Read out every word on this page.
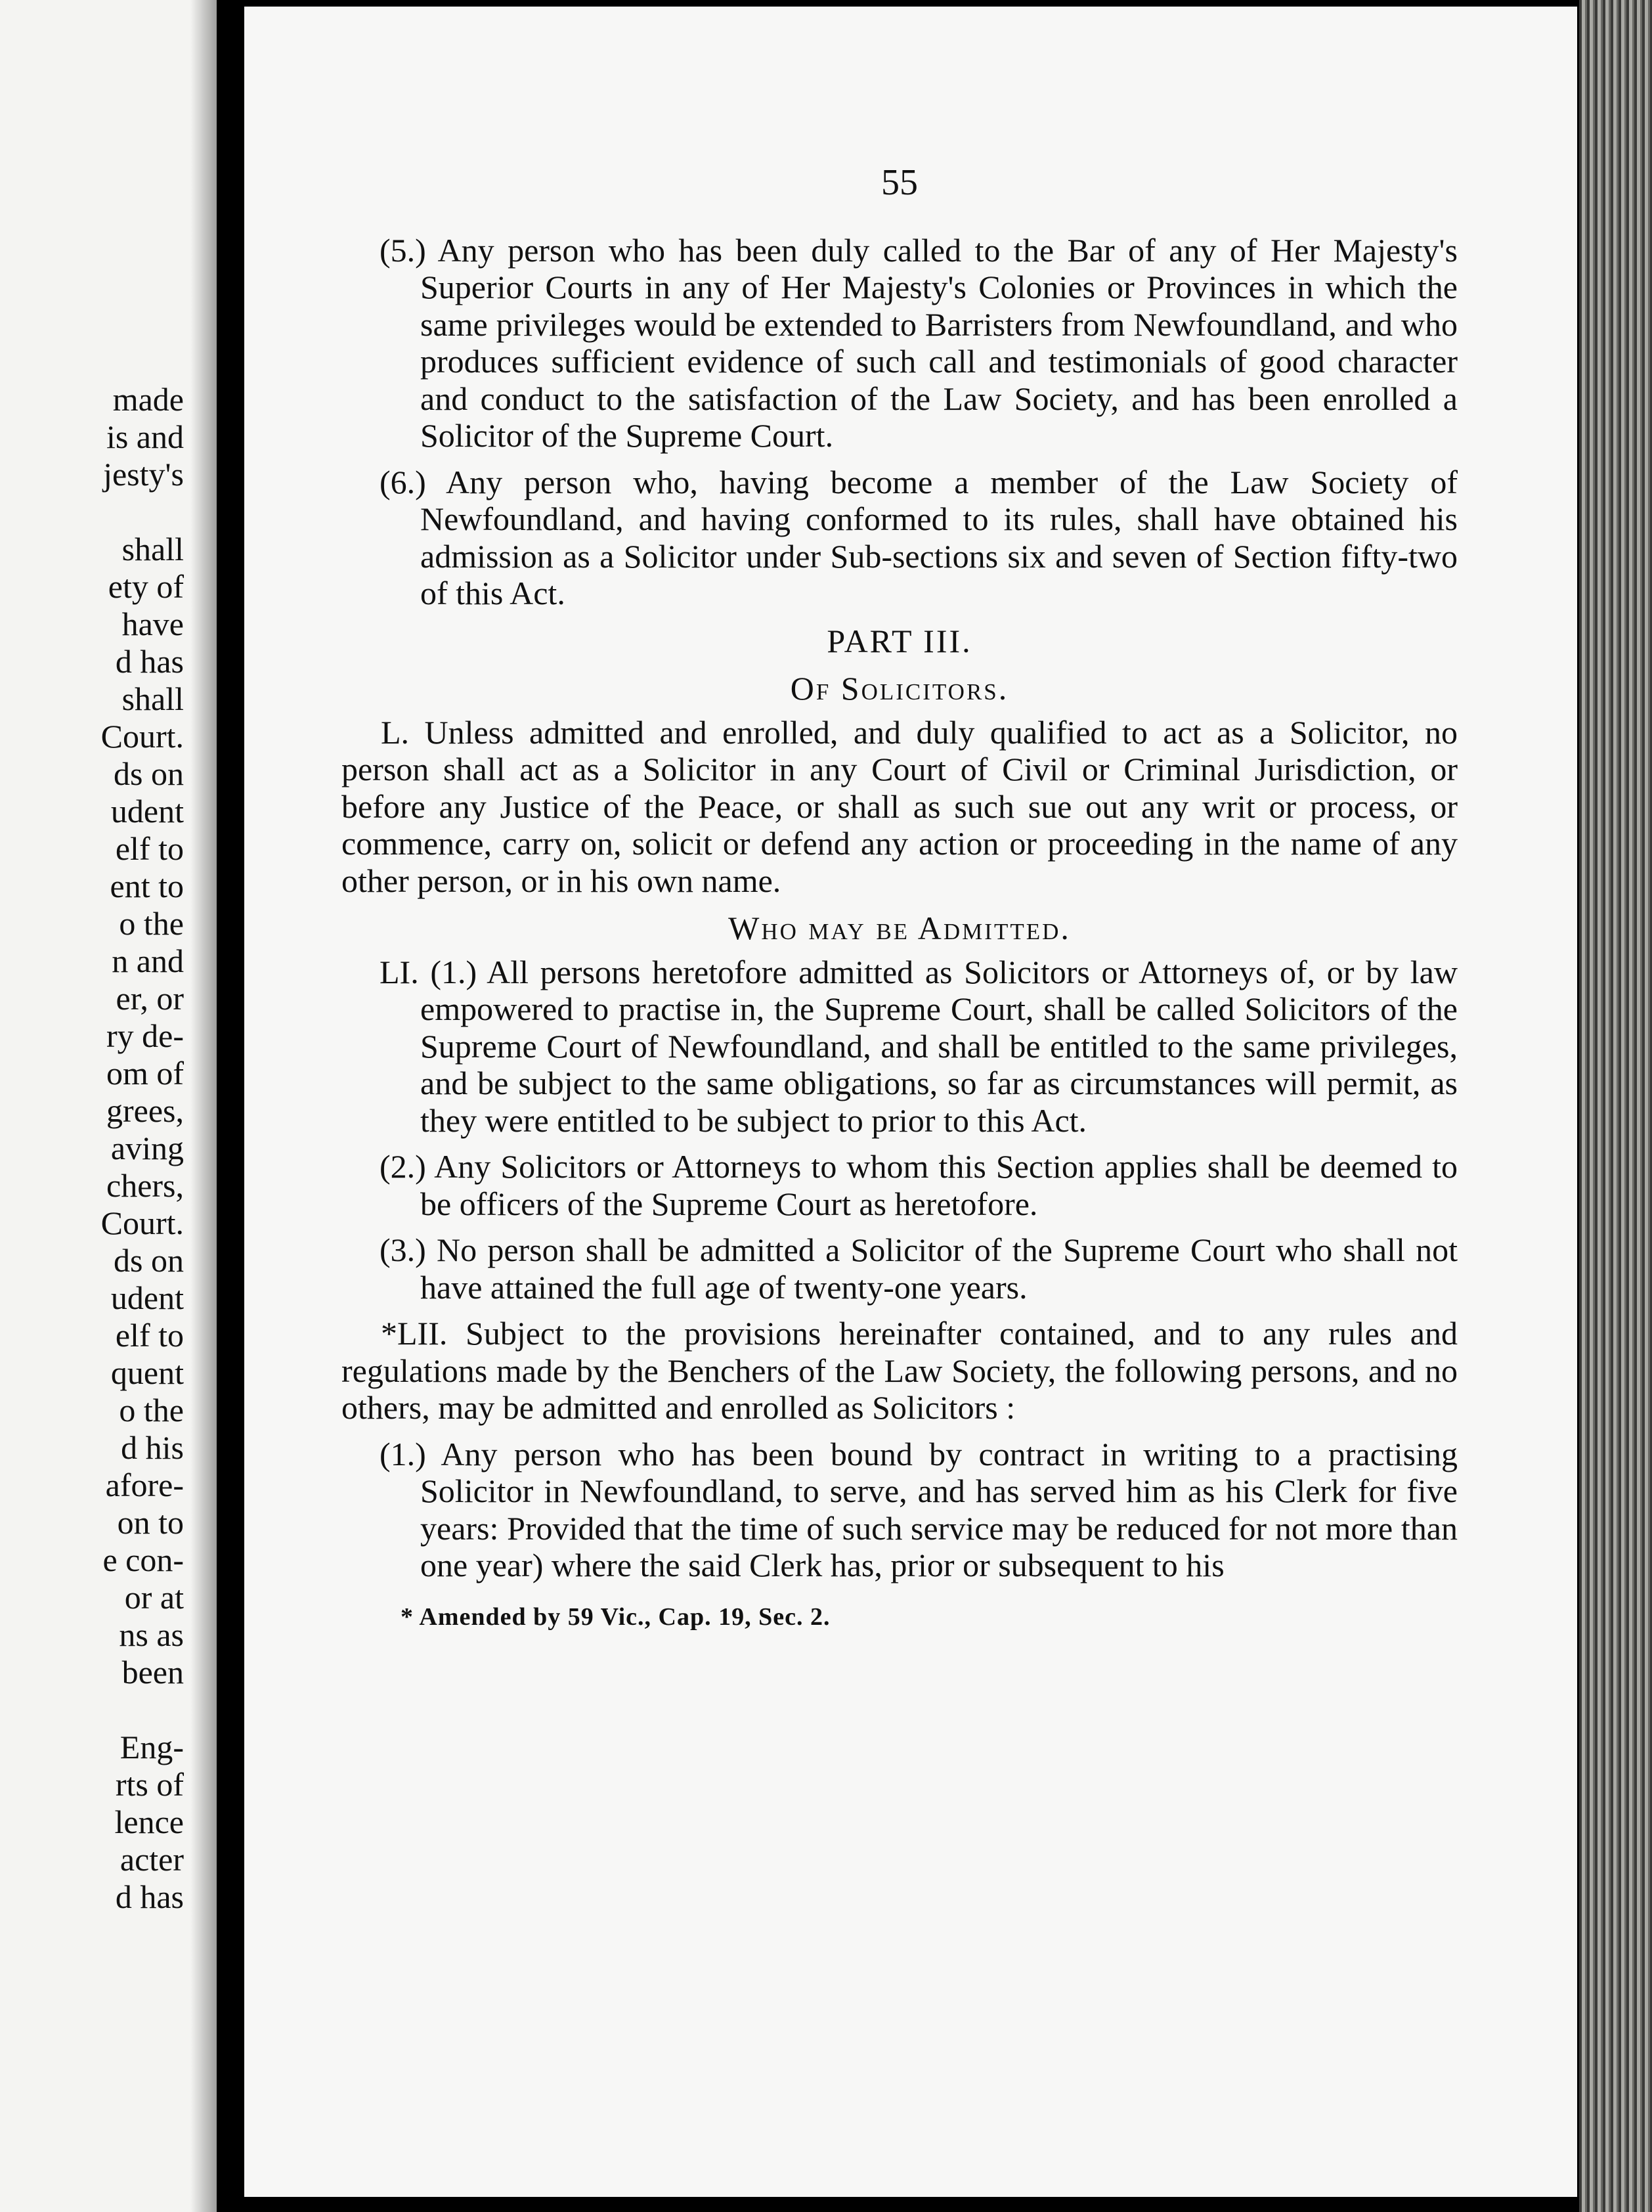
made
is and
jesty's
shall
ety of
have
d has
shall
Court.
ds on
udent
elf to
ent to
o the
n and
er, or
ry de-
om of
grees,
aving
chers,
Court.
ds on
udent
elf to
quent
o the
d his
afore-
on to
e con-
or at
ns as
been
Eng-
rts of
lence
acter
d has
55
(5.) Any person who has been duly called to the Bar of any of Her Majesty's Superior Courts in any of Her Majesty's Colonies or Provinces in which the same privileges would be extended to Barristers from Newfoundland, and who produces sufficient evidence of such call and testimonials of good character and conduct to the satisfaction of the Law Society, and has been enrolled a Solicitor of the Supreme Court.
(6.) Any person who, having become a member of the Law Society of Newfoundland, and having conformed to its rules, shall have obtained his admission as a Solicitor under Sub-sections six and seven of Section fifty-two of this Act.
PART III.
Of Solicitors.
L. Unless admitted and enrolled, and duly qualified to act as a Solicitor, no person shall act as a Solicitor in any Court of Civil or Criminal Jurisdiction, or before any Justice of the Peace, or shall as such sue out any writ or process, or commence, carry on, solicit or defend any action or proceeding in the name of any other person, or in his own name.
Who may be Admitted.
LI. (1.) All persons heretofore admitted as Solicitors or Attorneys of, or by law empowered to practise in, the Supreme Court, shall be called Solicitors of the Supreme Court of Newfoundland, and shall be entitled to the same privileges, and be subject to the same obligations, so far as circumstances will permit, as they were entitled to be subject to prior to this Act.
(2.) Any Solicitors or Attorneys to whom this Section applies shall be deemed to be officers of the Supreme Court as heretofore.
(3.) No person shall be admitted a Solicitor of the Supreme Court who shall not have attained the full age of twenty-one years.
*LII. Subject to the provisions hereinafter contained, and to any rules and regulations made by the Benchers of the Law Society, the following persons, and no others, may be admitted and enrolled as Solicitors :
(1.) Any person who has been bound by contract in writing to a practising Solicitor in Newfoundland, to serve, and has served him as his Clerk for five years: Provided that the time of such service may be reduced for not more than one year) where the said Clerk has, prior or subsequent to his
* Amended by 59 Vic., Cap. 19, Sec. 2.
